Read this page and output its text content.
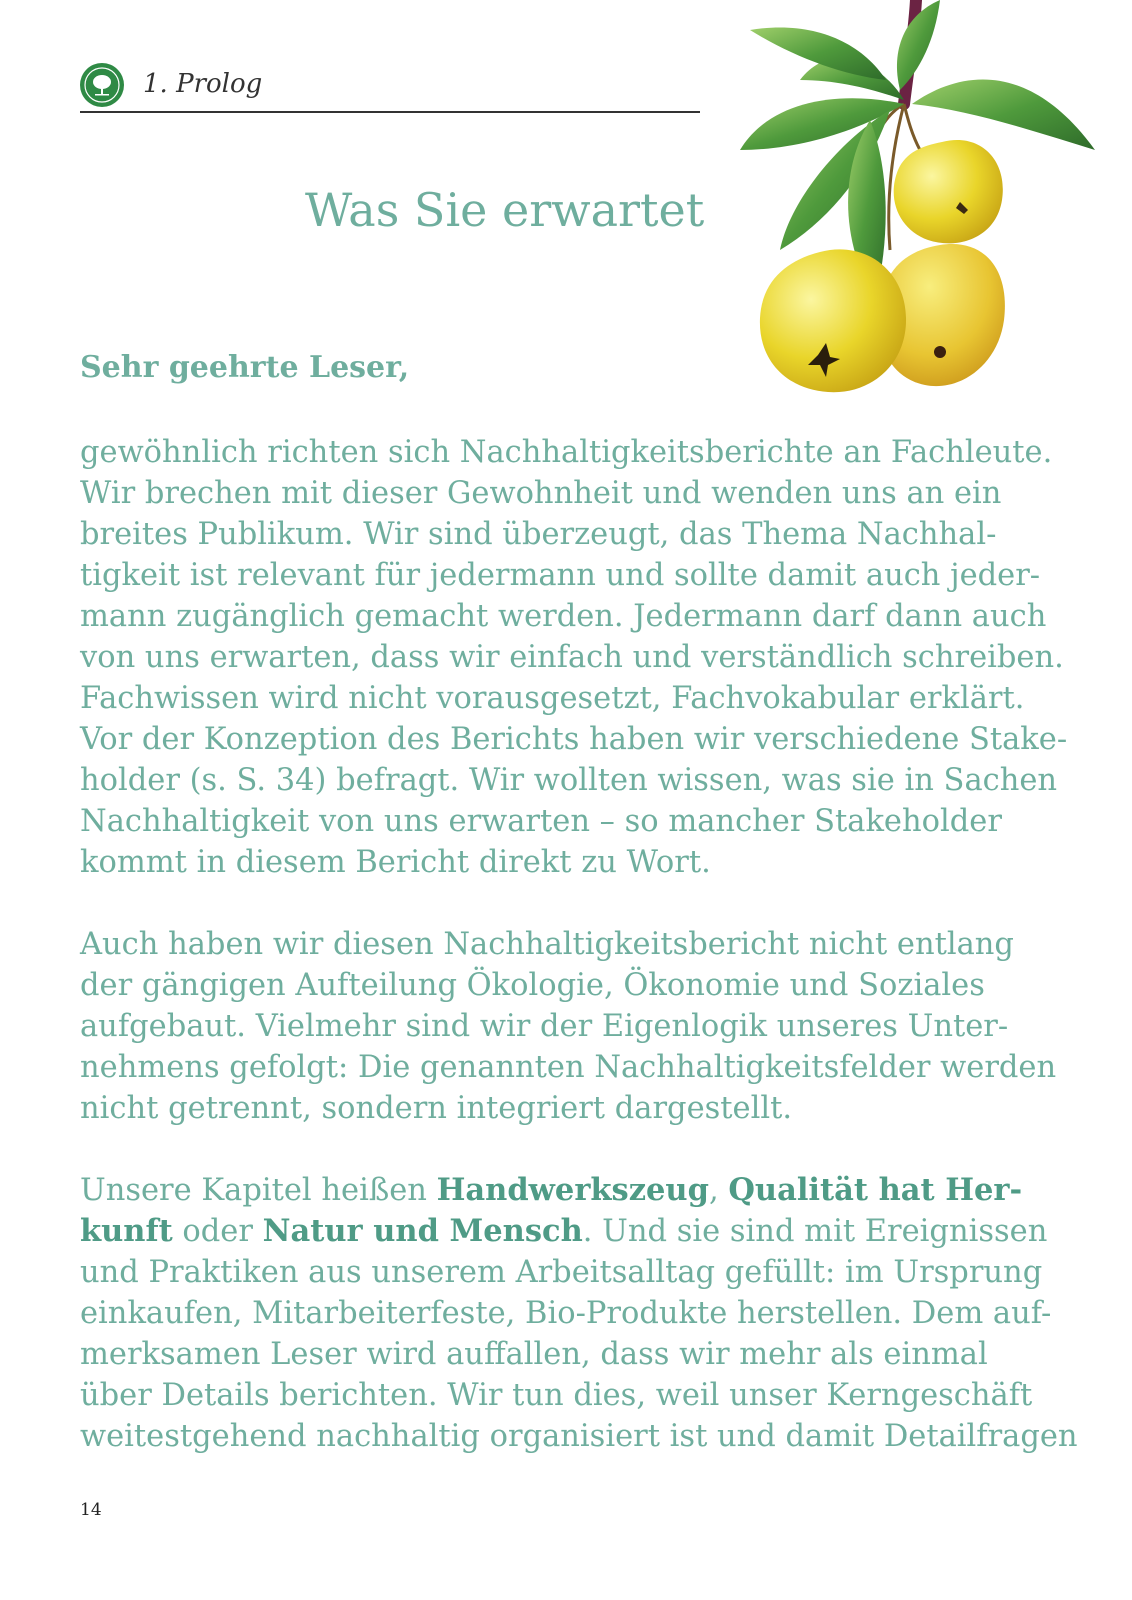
1. Prolog
Was Sie erwartet
Sehr geehrte Leser,
gewöhnlich richten sich Nachhaltigkeitsberichte an Fachleute.
Wir brechen mit dieser Gewohnheit und wenden uns an ein
breites Publikum. Wir sind überzeugt, das Thema Nachhal-
tigkeit ist relevant für jedermann und sollte damit auch jeder-
mann zugänglich gemacht werden. Jedermann darf dann auch
von uns erwarten, dass wir einfach und verständlich schreiben.
Fachwissen wird nicht vorausgesetzt, Fachvokabular erklärt.
Vor der Konzeption des Berichts haben wir verschiedene Stake-
holder (s. S. 34) befragt. Wir wollten wissen, was sie in Sachen
Nachhaltigkeit von uns erwarten – so mancher Stakeholder
kommt in diesem Bericht direkt zu Wort.
Auch haben wir diesen Nachhaltigkeitsbericht nicht entlang
der gängigen Aufteilung Ökologie, Ökonomie und Soziales
aufgebaut. Vielmehr sind wir der Eigenlogik unseres Unter-
nehmens gefolgt: Die genannten Nachhaltigkeitsfelder werden
nicht getrennt, sondern integriert dargestellt.
Unsere Kapitel heißen Handwerkszeug, Qualität hat Her-
kunft oder Natur und Mensch. Und sie sind mit Ereignissen
und Praktiken aus unserem Arbeitsalltag gefüllt: im Ursprung
einkaufen, Mitarbeiterfeste, Bio-Produkte herstellen. Dem auf-
merksamen Leser wird auffallen, dass wir mehr als einmal
über Details berichten. Wir tun dies, weil unser Kerngeschäft
weitestgehend nachhaltig organisiert ist und damit Detailfragen
14
